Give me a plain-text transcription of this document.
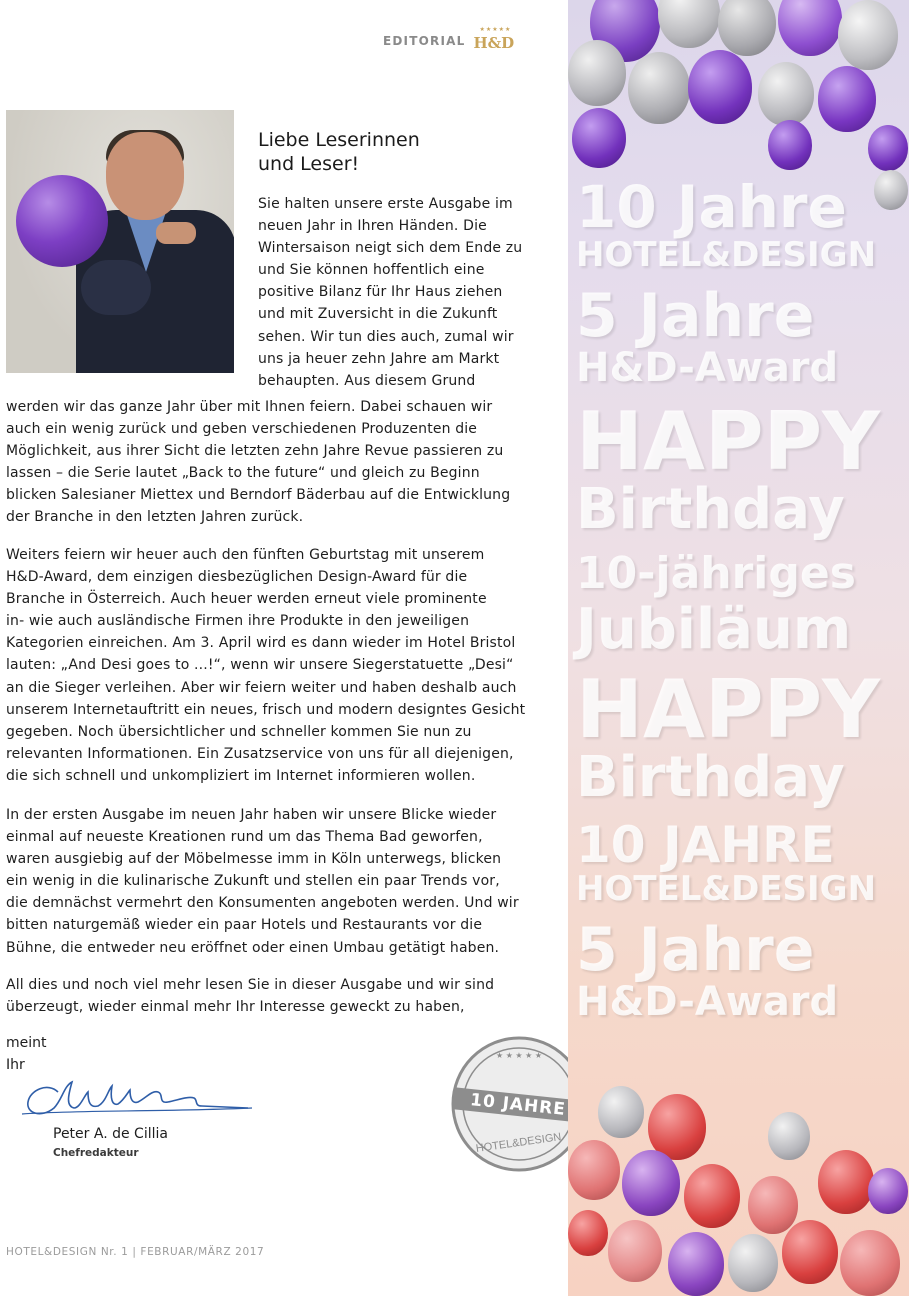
EDITORIAL
★★★★★
H&D
Liebe Leserinnen
und Leser!
Sie halten unsere erste Ausgabe im
neuen Jahr in Ihren Händen. Die
Wintersaison neigt sich dem Ende zu
und Sie können hoffentlich eine
positive Bilanz für Ihr Haus ziehen
und mit Zuversicht in die Zukunft
sehen. Wir tun dies auch, zumal wir
uns ja heuer zehn Jahre am Markt
behaupten. Aus diesem Grund
werden wir das ganze Jahr über mit Ihnen feiern. Dabei schauen wir
auch ein wenig zurück und geben verschiedenen Produzenten die
Möglichkeit, aus ihrer Sicht die letzten zehn Jahre Revue passieren zu
lassen – die Serie lautet „Back to the future“ und gleich zu Beginn
blicken Salesianer Miettex und Berndorf Bäderbau auf die Entwicklung
der Branche in den letzten Jahren zurück.
Weiters feiern wir heuer auch den fünften Geburtstag mit unserem
H&D-Award, dem einzigen diesbezüglichen Design-Award für die
Branche in Österreich. Auch heuer werden erneut viele prominente
in- wie auch ausländische Firmen ihre Produkte in den jeweiligen
Kategorien einreichen. Am 3. April wird es dann wieder im Hotel Bristol
lauten: „And Desi goes to ...!“, wenn wir unsere Siegerstatuette „Desi“
an die Sieger verleihen. Aber wir feiern weiter und haben deshalb auch
unserem Internetauftritt ein neues, frisch und modern designtes Gesicht
gegeben. Noch übersichtlicher und schneller kommen Sie nun zu
relevanten Informationen. Ein Zusatzservice von uns für all diejenigen,
die sich schnell und unkompliziert im Internet informieren wollen.
In der ersten Ausgabe im neuen Jahr haben wir unsere Blicke wieder
einmal auf neueste Kreationen rund um das Thema Bad geworfen,
waren ausgiebig auf der Möbelmesse imm in Köln unterwegs, blicken
ein wenig in die kulinarische Zukunft und stellen ein paar Trends vor,
die demnächst vermehrt den Konsumenten angeboten werden. Und wir
bitten naturgemäß wieder ein paar Hotels und Restaurants vor die
Bühne, die entweder neu eröffnet oder einen Umbau getätigt haben.
All dies und noch viel mehr lesen Sie in dieser Ausgabe und wir sind
überzeugt, wieder einmal mehr Ihr Interesse geweckt zu haben,
meint
Ihr
Peter A. de Cillia
Chefredakteur
HOTEL&DESIGN Nr. 1 | FEBRUAR/MÄRZ 2017
★ ★ ★ ★ ★
HOTEL&DESIGN
10 JAHRE
10 Jahre
HOTEL&DESIGN
5 Jahre
H&D-Award
HAPPY
Birthday
10-jähriges
Jubiläum
HAPPY
Birthday
10 JAHRE
HOTEL&DESIGN
5 Jahre
H&D-Award
